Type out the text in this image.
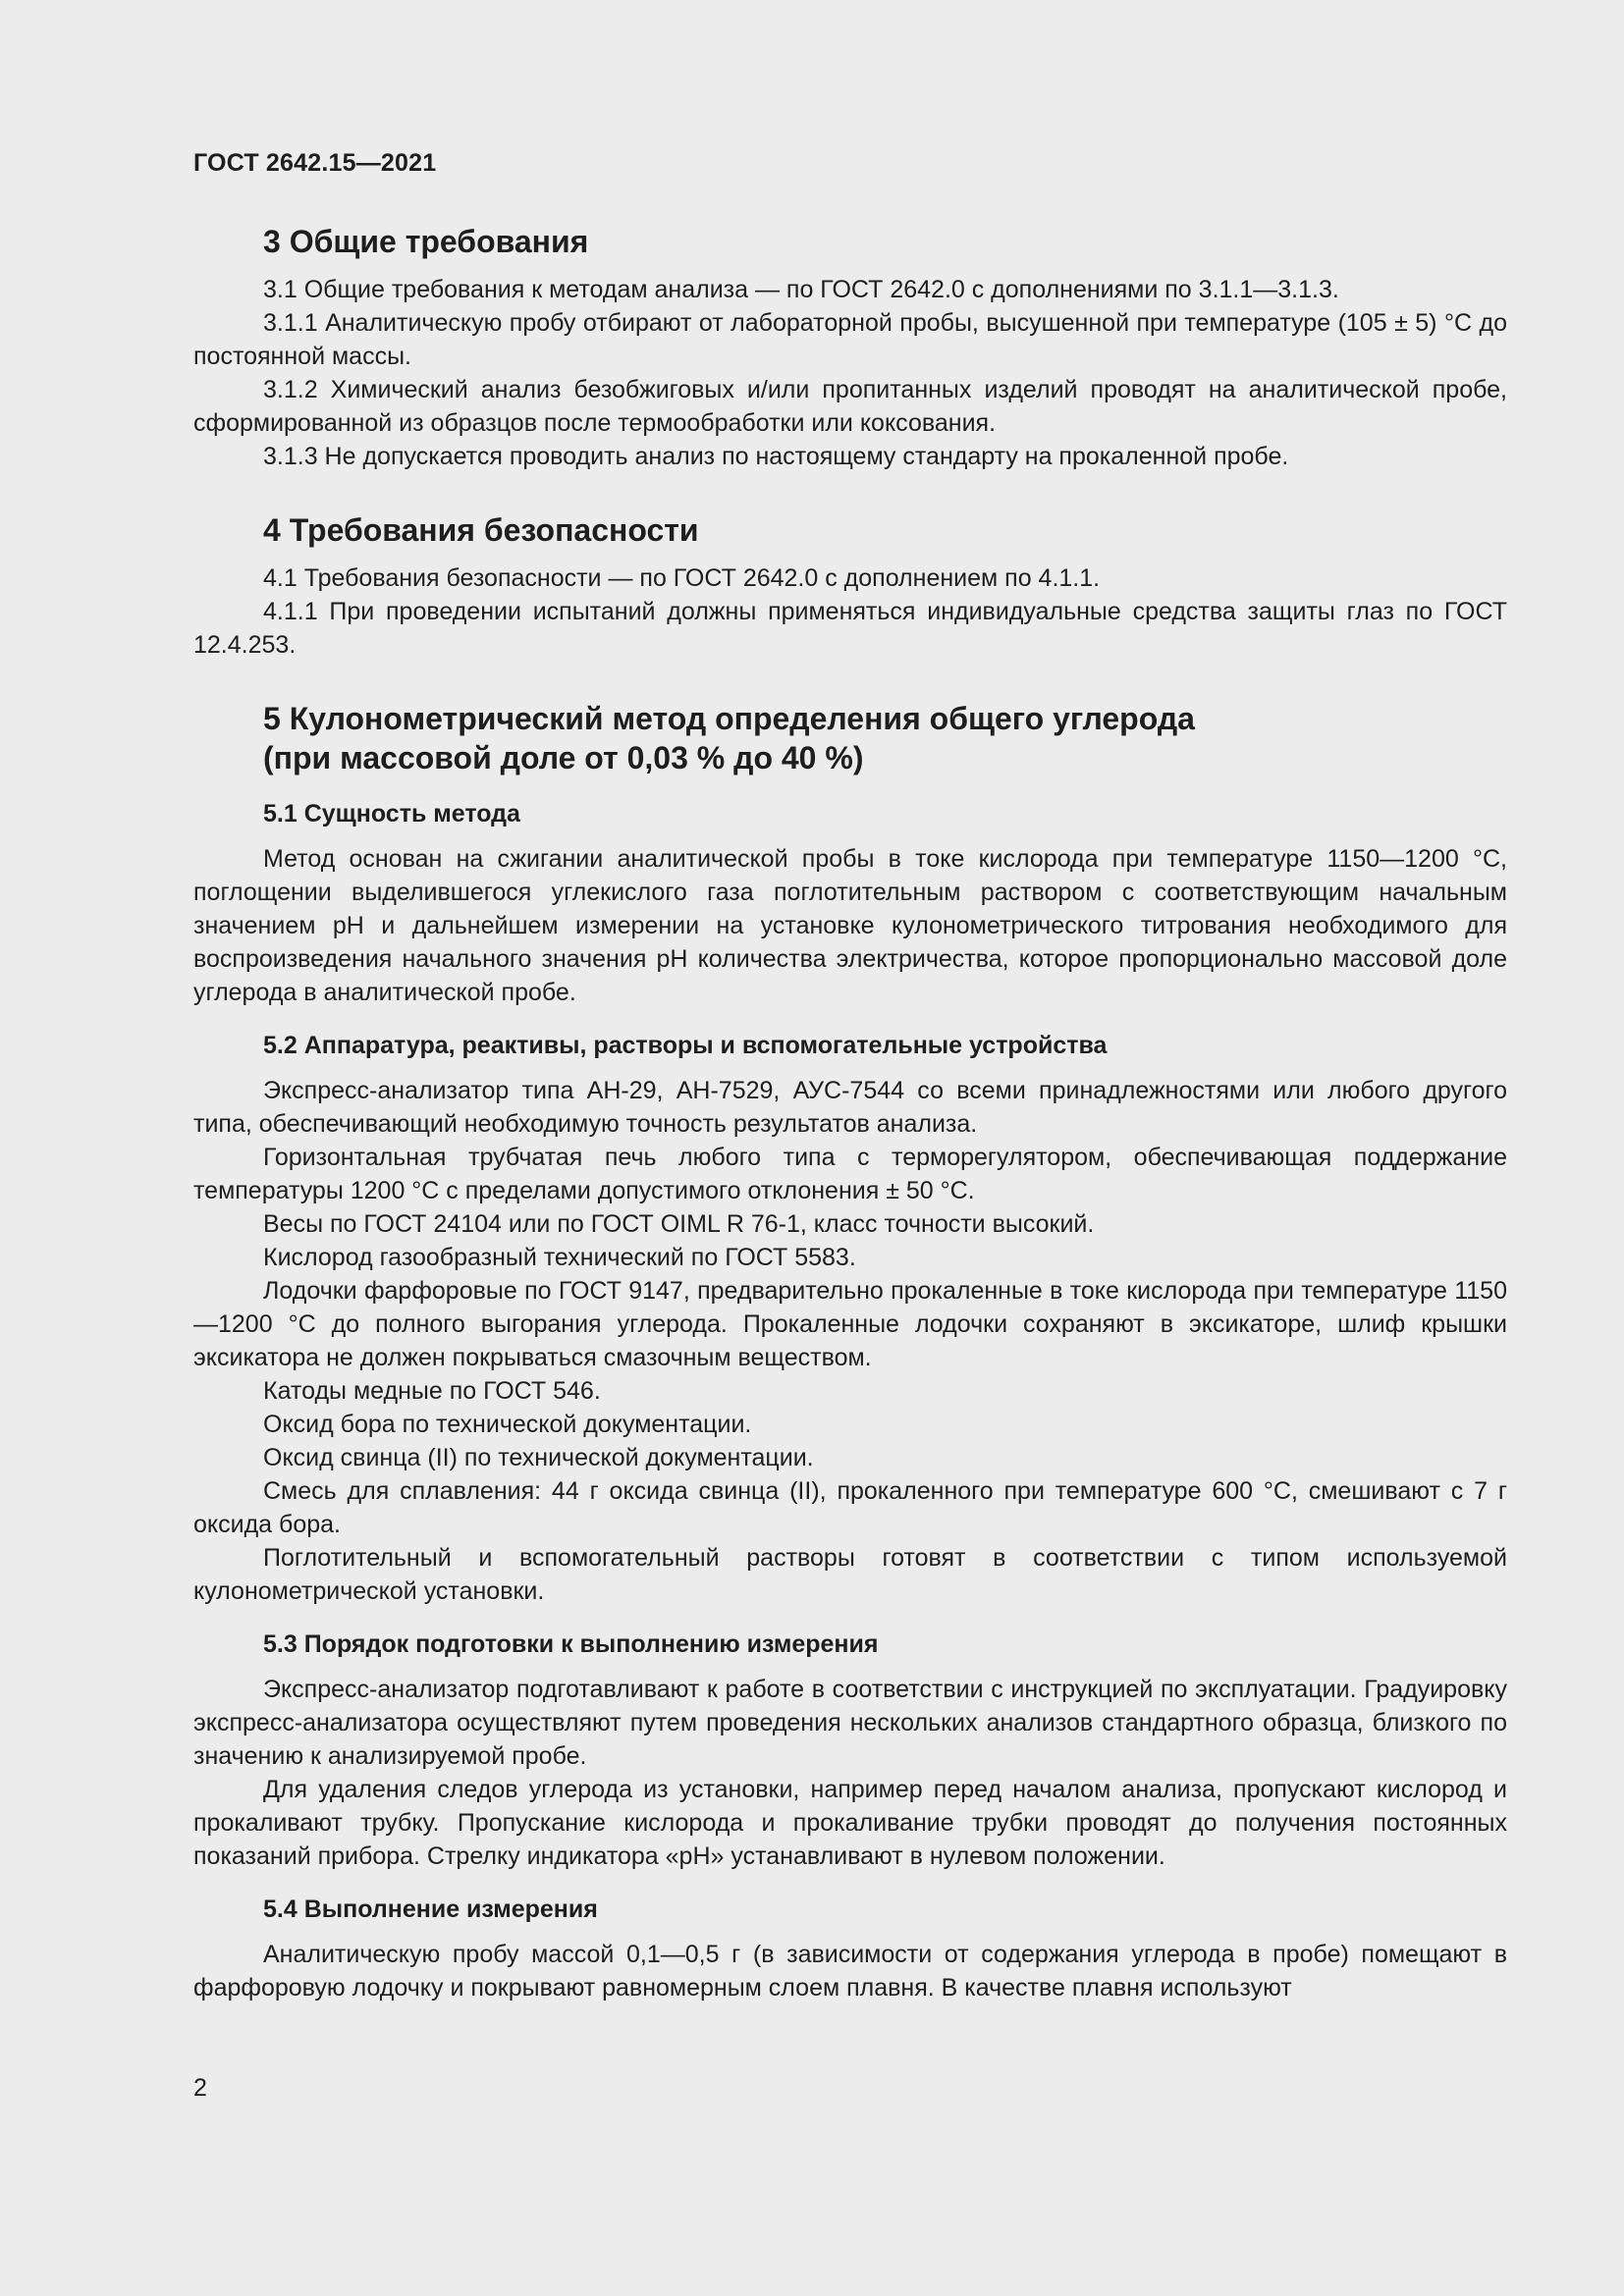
ГОСТ 2642.15—2021
3 Общие требования

3.1 Общие требования к методам анализа — по ГОСТ 2642.0 с дополнениями по 3.1.1—3.1.3.

3.1.1 Аналитическую пробу отбирают от лабораторной пробы, высушенной при температуре (105 ± 5) °С до постоянной массы.

3.1.2 Химический анализ безобжиговых и/или пропитанных изделий проводят на аналитической пробе, сформированной из образцов после термообработки или коксования.

3.1.3 Не допускается проводить анализ по настоящему стандарту на прокаленной пробе.

4 Требования безопасности

4.1 Требования безопасности — по ГОСТ 2642.0 с дополнением по 4.1.1.

4.1.1 При проведении испытаний должны применяться индивидуальные средства защиты глаз по ГОСТ 12.4.253.

5 Кулонометрический метод определения общего углерода
(при массовой доле от 0,03 % до 40 %)
5.1 Сущность метода

Метод основан на сжигании аналитической пробы в токе кислорода при температуре 1150—1200 °С, поглощении выделившегося углекислого газа поглотительным раствором с соответствующим начальным значением рН и дальнейшем измерении на установке кулонометрического титрования необходимого для воспроизведения начального значения рН количества электричества, которое пропорционально массовой доле углерода в аналитической пробе.

5.2 Аппаратура, реактивы, растворы и вспомогательные устройства

Экспресс-анализатор типа АН-29, АН-7529, АУС-7544 со всеми принадлежностями или любого другого типа, обеспечивающий необходимую точность результатов анализа.

Горизонтальная трубчатая печь любого типа с терморегулятором, обеспечивающая поддержание температуры 1200 °С с пределами допустимого отклонения ± 50 °С.

Весы по ГОСТ 24104 или по ГОСТ OIML R 76-1, класс точности высокий.

Кислород газообразный технический по ГОСТ 5583.

Лодочки фарфоровые по ГОСТ 9147, предварительно прокаленные в токе кислорода при температуре 1150—1200 °С до полного выгорания углерода. Прокаленные лодочки сохраняют в эксикаторе, шлиф крышки эксикатора не должен покрываться смазочным веществом.

Катоды медные по ГОСТ 546.

Оксид бора по технической документации.

Оксид свинца (II) по технической документации.

Смесь для сплавления: 44 г оксида свинца (II), прокаленного при температуре 600 °С, смешивают с 7 г оксида бора.

Поглотительный и вспомогательный растворы готовят в соответствии с типом используемой кулонометрической установки.

5.3 Порядок подготовки к выполнению измерения

Экспресс-анализатор подготавливают к работе в соответствии с инструкцией по эксплуатации. Градуировку экспресс-анализатора осуществляют путем проведения нескольких анализов стандартного образца, близкого по значению к анализируемой пробе.

Для удаления следов углерода из установки, например перед началом анализа, пропускают кислород и прокаливают трубку. Пропускание кислорода и прокаливание трубки проводят до получения постоянных показаний прибора. Стрелку индикатора «рН» устанавливают в нулевом положении.

5.4 Выполнение измерения

Аналитическую пробу массой 0,1—0,5 г (в зависимости от содержания углерода в пробе) помещают в фарфоровую лодочку и покрывают равномерным слоем плавня. В качестве плавня используют

2
